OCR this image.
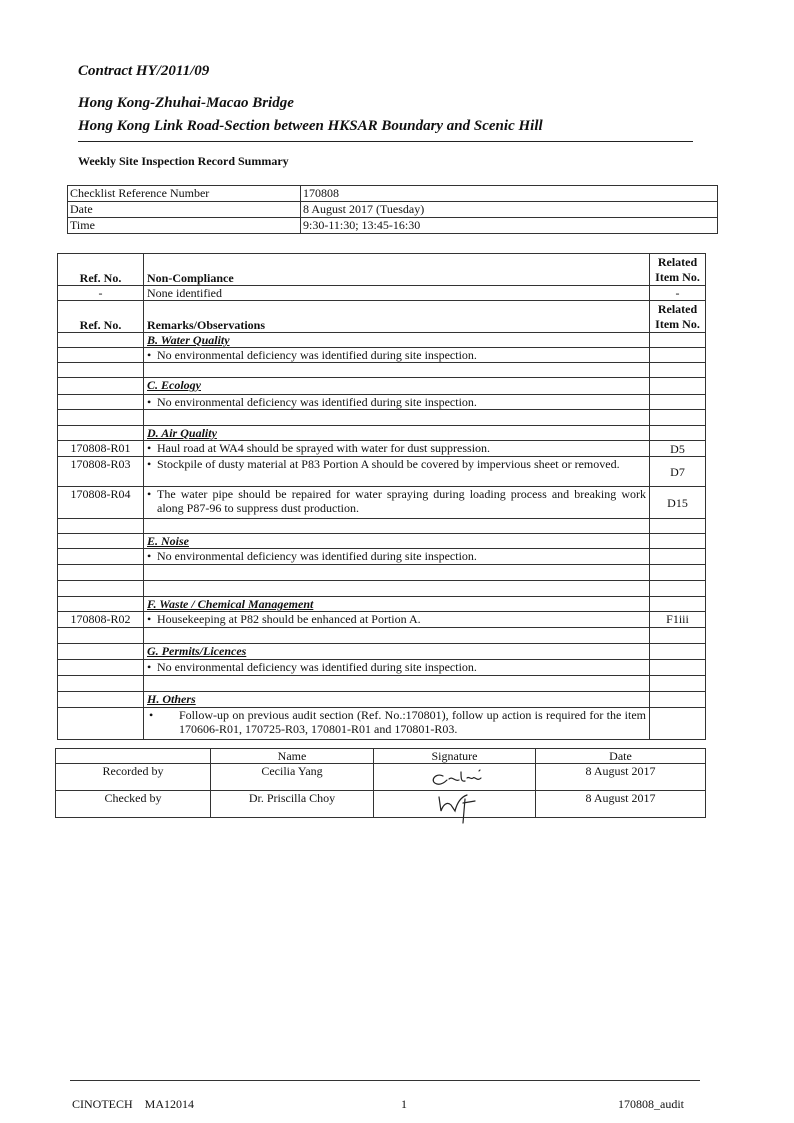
Contract HY/2011/09
Hong Kong-Zhuhai-Macao Bridge
Hong Kong Link Road-Section between HKSAR Boundary and Scenic Hill
Weekly Site Inspection Record Summary
Checklist Reference Number	170808
Date	8 August 2017 (Tuesday)
Time	9:30-11:30; 13:45-16:30
Ref. No.	Non-Compliance	Related
Item No.
-	None identified	-
Ref. No.	Remarks/Observations	Related
Item No.
	B. Water Quality	

	• No environmental deficiency was identified during site inspection.	

	C. Ecology	

	• No environmental deficiency was identified during site inspection.	

	D. Air Quality	
170808-R01	• Haul road at WA4 should be sprayed with water for dust suppression.	D5
170808-R03	• Stockpile of dusty material at P83 Portion A should be covered by impervious sheet or removed.	D7
170808-R04	• The water pipe should be repaired for water spraying during loading process and breaking work along P87-96 to suppress dust production.	D15

	E. Noise	

	• No environmental deficiency was identified during site inspection.	

	F. Waste / Chemical Management	
170808-R02	• Housekeeping at P82 should be enhanced at Portion A.	F1iii

	G. Permits/Licences	

	• No environmental deficiency was identified during site inspection.	

	H. Others	

	• Follow-up on previous audit section (Ref. No.:170801), follow up action is required for the item 170606-R01, 170725-R03, 170801-R01 and 170801-R03.	

	Name	Signature	Date
Recorded by	Cecilia Yang		8 August 2017
Checked by	Dr. Priscilla Choy		8 August 2017
CINOTECH    MA12014	1	170808_audit
